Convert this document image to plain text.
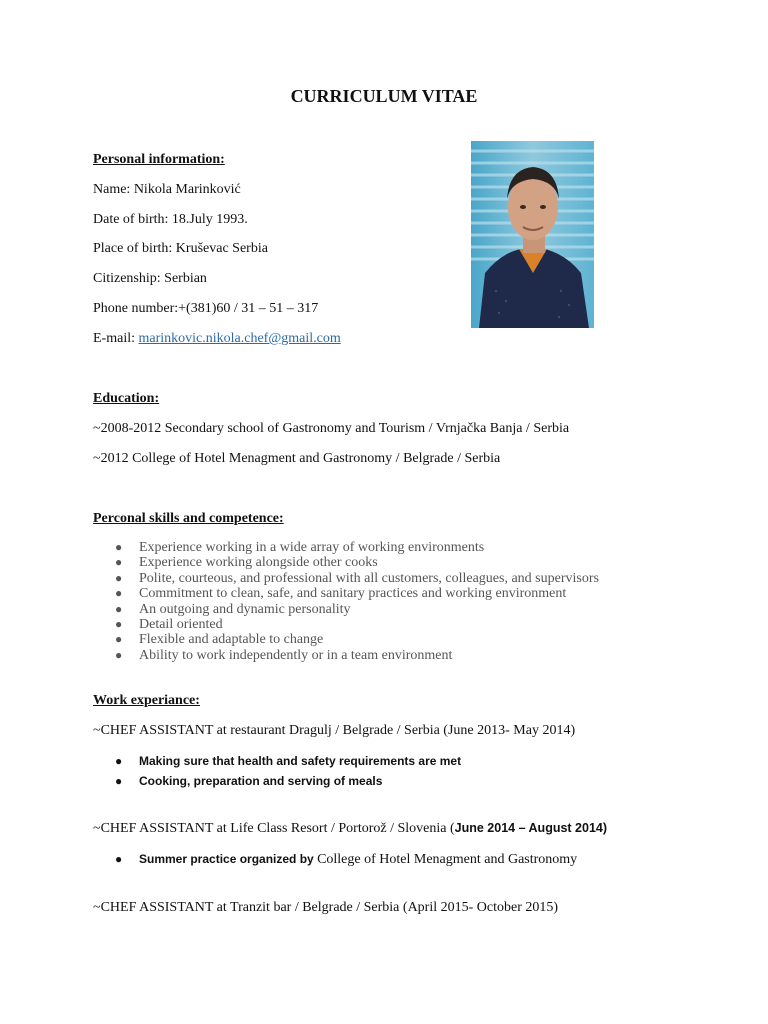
CURRICULUM VITAE
Personal information:
Name: Nikola Marinković
Date of birth: 18.July 1993.
Place of birth: Kruševac Serbia
Citizenship: Serbian
Phone number:+(381)60 / 31 – 51 – 317
E-mail: marinkovic.nikola.chef@gmail.com
Education:
~2008-2012 Secondary school of Gastronomy and Tourism / Vrnjačka Banja / Serbia
~2012 College of Hotel Menagment and Gastronomy / Belgrade / Serbia
Perconal skills and competence:
● Experience working in a wide array of working environments
● Experience working alongside other cooks
● Polite, courteous, and professional with all customers, colleagues, and supervisors
● Commitment to clean, safe, and sanitary practices and working environment
● An outgoing and dynamic personality
● Detail oriented
● Flexible and adaptable to change
● Ability to work independently or in a team environment
Work experiance:
~CHEF ASSISTANT at restaurant Dragulj / Belgrade / Serbia (June 2013- May 2014)
● Making sure that health and safety requirements are met
● Cooking, preparation and serving of meals
~CHEF ASSISTANT at Life Class Resort / Portorož / Slovenia (June 2014 – August 2014)
● Summer practice organized by College of Hotel Menagment and Gastronomy
~CHEF ASSISTANT at Tranzit bar / Belgrade / Serbia (April 2015- October 2015)
